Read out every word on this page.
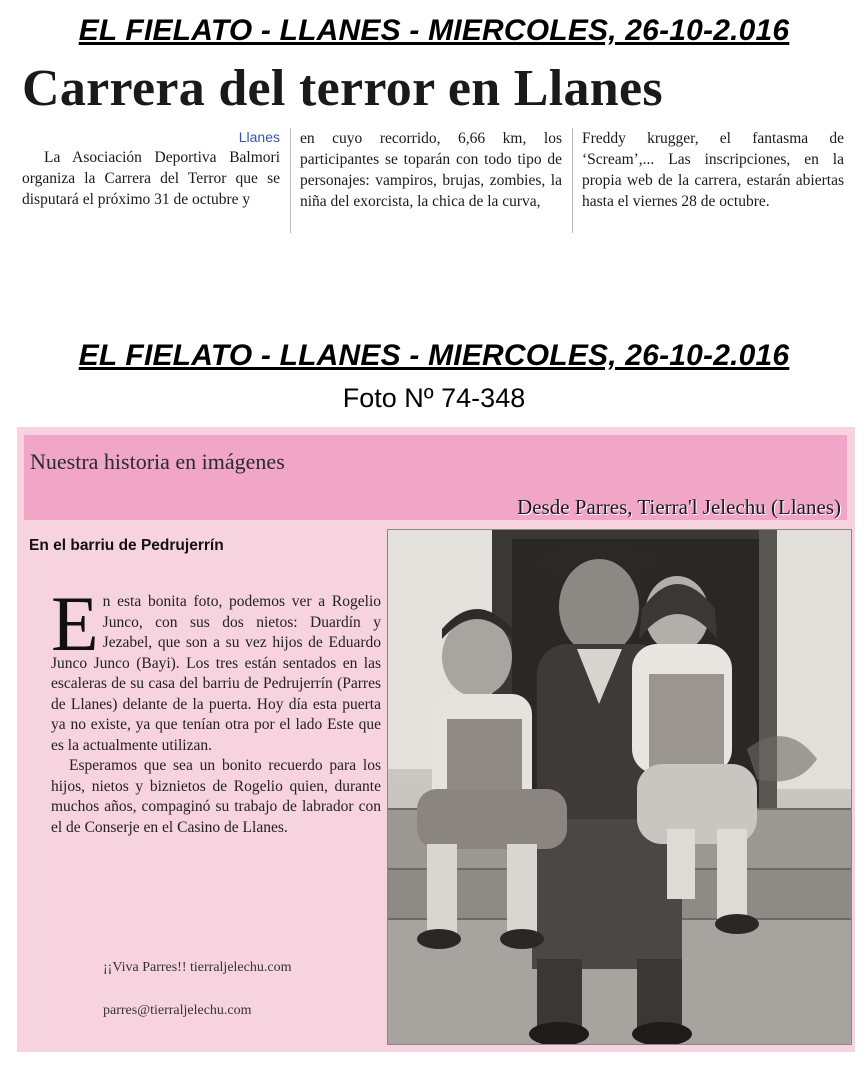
EL FIELATO - LLANES - MIERCOLES, 26-10-2.016
Carrera del terror en Llanes
Llanes
La Asociación Deportiva Balmori organiza la Carrera del Terror que se disputará el próximo 31 de octubre y
en cuyo recorrido, 6,66 km, los participantes se toparán con todo tipo de personajes: vampiros, brujas, zombies, la niña del exorcista, la chica de la curva,
Freddy krugger, el fantasma de ‘Scream’,... Las inscripciones, en la propia web de la carrera, estarán abiertas hasta el viernes 28 de octubre.
EL FIELATO - LLANES - MIERCOLES, 26-10-2.016
Foto Nº 74-348
Nuestra historia en imágenes
Desde Parres, Tierra'l Jelechu (Llanes)
En el barriu de Pedrujerrín
E n esta bonita foto, podemos ver a Rogelio Junco, con sus dos nietos: Duardín y Jezabel, que son a su vez hijos de Eduardo Junco Junco (Bayi). Los tres están sentados en las escaleras de su casa del barriu de Pedrujerrín (Parres de Llanes) delante de la puerta. Hoy día esta puerta ya no existe, ya que tenían otra por el lado Este que es la actualmente utilizan.

Esperamos que sea un bonito recuerdo para los hijos, nietos y biznietos de Rogelio quien, durante muchos años, compaginó su trabajo de labrador con el de Conserje en el Casino de Llanes.

¡¡Viva Parres!! tierraljelechu.com
parres@tierraljelechu.com
